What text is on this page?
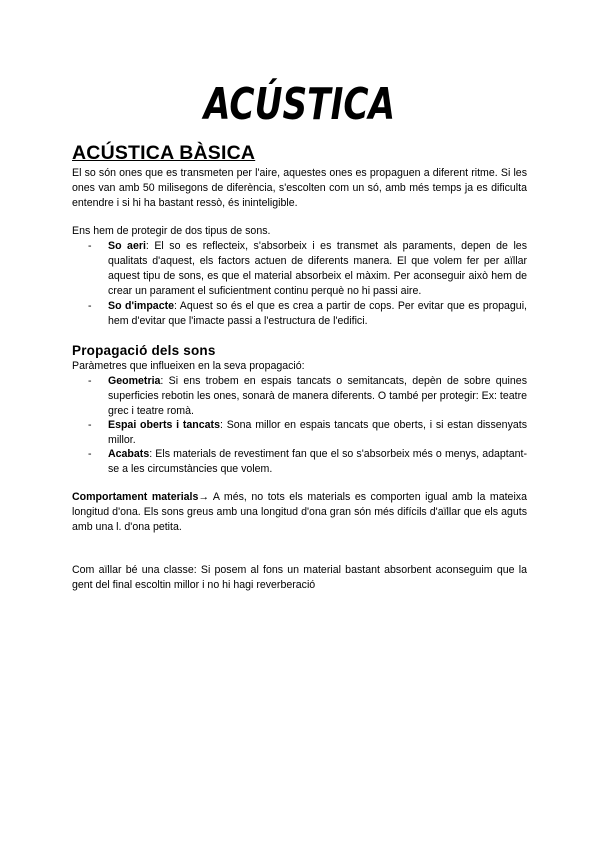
ACÚSTICA
ACÚSTICA BÀSICA
El so són ones que es transmeten per l'aire, aquestes ones es propaguen a diferent ritme. Si les ones van amb 50 milisegons de diferència, s'escolten com un só, amb més temps ja es dificulta entendre i si hi ha bastant ressò, és ininteligible.
Ens hem de protegir de dos tipus de sons.
- So aeri: El so es reflecteix, s'absorbeix i es transmet als paraments, depen de les qualitats d'aquest, els factors actuen de diferents manera. El que volem fer per aïllar aquest tipu de sons, es que el material absorbeix el màxim. Per aconseguir això hem de crear un parament el suficientment continu perquè no hi passi aire.
- So d'impacte: Aquest so és el que es crea a partir de cops. Per evitar que es propagui, hem d'evitar que l'imacte passi a l'estructura de l'edifici.
Propagació dels sons
Paràmetres que influeixen en la seva propagació:
- Geometria: Si ens trobem en espais tancats o semitancats, depèn de sobre quines superficies rebotin les ones, sonarà de manera diferents. O també per protegir: Ex: teatre grec i teatre romà.
- Espai oberts i tancats: Sona millor en espais tancats que oberts, i si estan dissenyats millor.
- Acabats: Els materials de revestiment fan que el so s'absorbeix més o menys, adaptant-se a les circumstàncies que volem.
Comportament materials→ A més, no tots els materials es comporten igual amb la mateixa longitud d'ona. Els sons greus amb una longitud d'ona gran són més difícils d'aïllar que els aguts amb una l. d'ona petita.
Com aïllar bé una classe: Si posem al fons un material bastant absorbent aconseguim que la gent del final escoltin millor i no hi hagi reverberació
